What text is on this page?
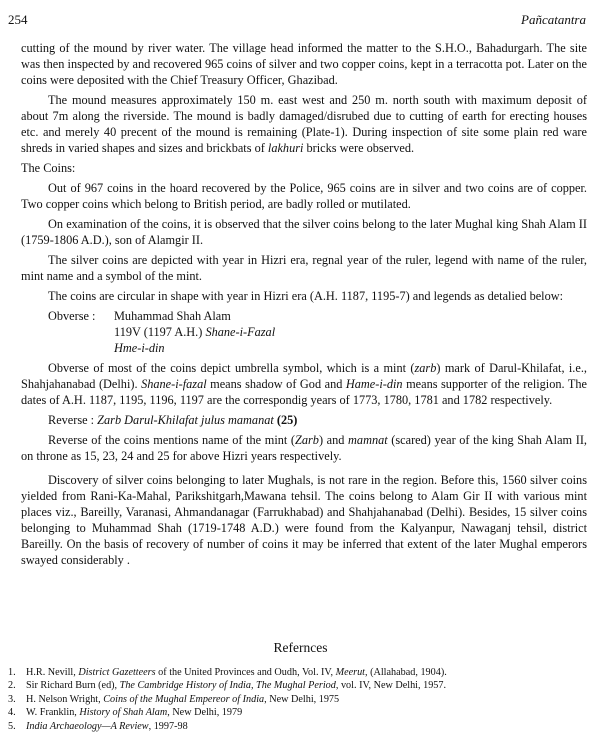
254	Pañcatantra

cutting of the mound by river water. The village head informed the matter to the S.H.O., Bahadurgarh. The site was then inspected by and recovered 965 coins of silver and two copper coins, kept in a terracotta pot. Later on the coins were deposited with the Chief Treasury Officer, Ghazibad.

The mound measures approximately 150 m. east west and 250 m. north south with maximum deposit of about 7m along the riverside. The mound is badly damaged/disrubed due to cutting of earth for erecting houses etc. and merely 40 precent of the mound is remaining (Plate-1). During inspection of site some plain red ware shreds in varied shapes and sizes and brickbats of lakhuri bricks were observed.

The Coins:

Out of 967 coins in the hoard recovered by the Police, 965 coins are in silver and two coins are of copper. Two copper coins which belong to British period, are badly rolled or mutilated.

On examination of the coins, it is observed that the silver coins belong to the later Mughal king Shah Alam II (1759-1806 A.D.), son of Alamgir II.

The silver coins are depicted with year in Hizri era, regnal year of the ruler, legend with name of the ruler, mint name and a symbol of the mint.

The coins are circular in shape with year in Hizri era (A.H. 1187, 1195-7) and legends as detalied below:

Obverse :	Muhammad Shah Alam
119V (1197 A.H.) Shane-i-Fazal
Hme-i-din

Obverse of most of the coins depict umbrella symbol, which is a mint (zarb) mark of Darul-Khilafat, i.e., Shahjahanabad (Delhi). Shane-i-fazal means shadow of God and Hame-i-din means supporter of the religion. The dates of A.H. 1187, 1195, 1196, 1197 are the correspondig years of 1773, 1780, 1781 and 1782 respectively.

Reverse : Zarb Darul-Khilafat julus mamanat (25)

Reverse of the coins mentions name of the mint (Zarb) and mamnat (scared) year of the king Shah Alam II, on throne as 15, 23, 24 and 25 for above Hizri years respectively.

Discovery of silver coins belonging to later Mughals, is not rare in the region. Before this, 1560 silver coins yielded from Rani-Ka-Mahal, Parikshitgarh,Mawana tehsil. The coins belong to Alam Gir II with various mint places viz., Bareilly, Varanasi, Ahmandanagar (Farrukhabad) and Shahjahanabad (Delhi). Besides, 15 silver coins belonging to Muhammad Shah (1719-1748 A.D.) were found from the Kalyanpur, Nawaganj tehsil, district Bareilly. On the basis of recovery of number of coins it may be inferred that extent of the later Mughal emperors swayed considerably .

Refernces
1.	H.R. Nevill, District Gazetteers of the United Provinces and Oudh, Vol. IV, Meerut, (Allahabad, 1904).
2.	Sir Richard Burn (ed), The Cambridge History of India, The Mughal Period, vol. IV, New Delhi, 1957.
3.	H. Nelson Wright, Coins of the Mughal Empereor of India, New Delhi, 1975
4.	W. Franklin, History of Shah Alam, New Delhi, 1979
5.	India Archaeology—A Review, 1997-98
